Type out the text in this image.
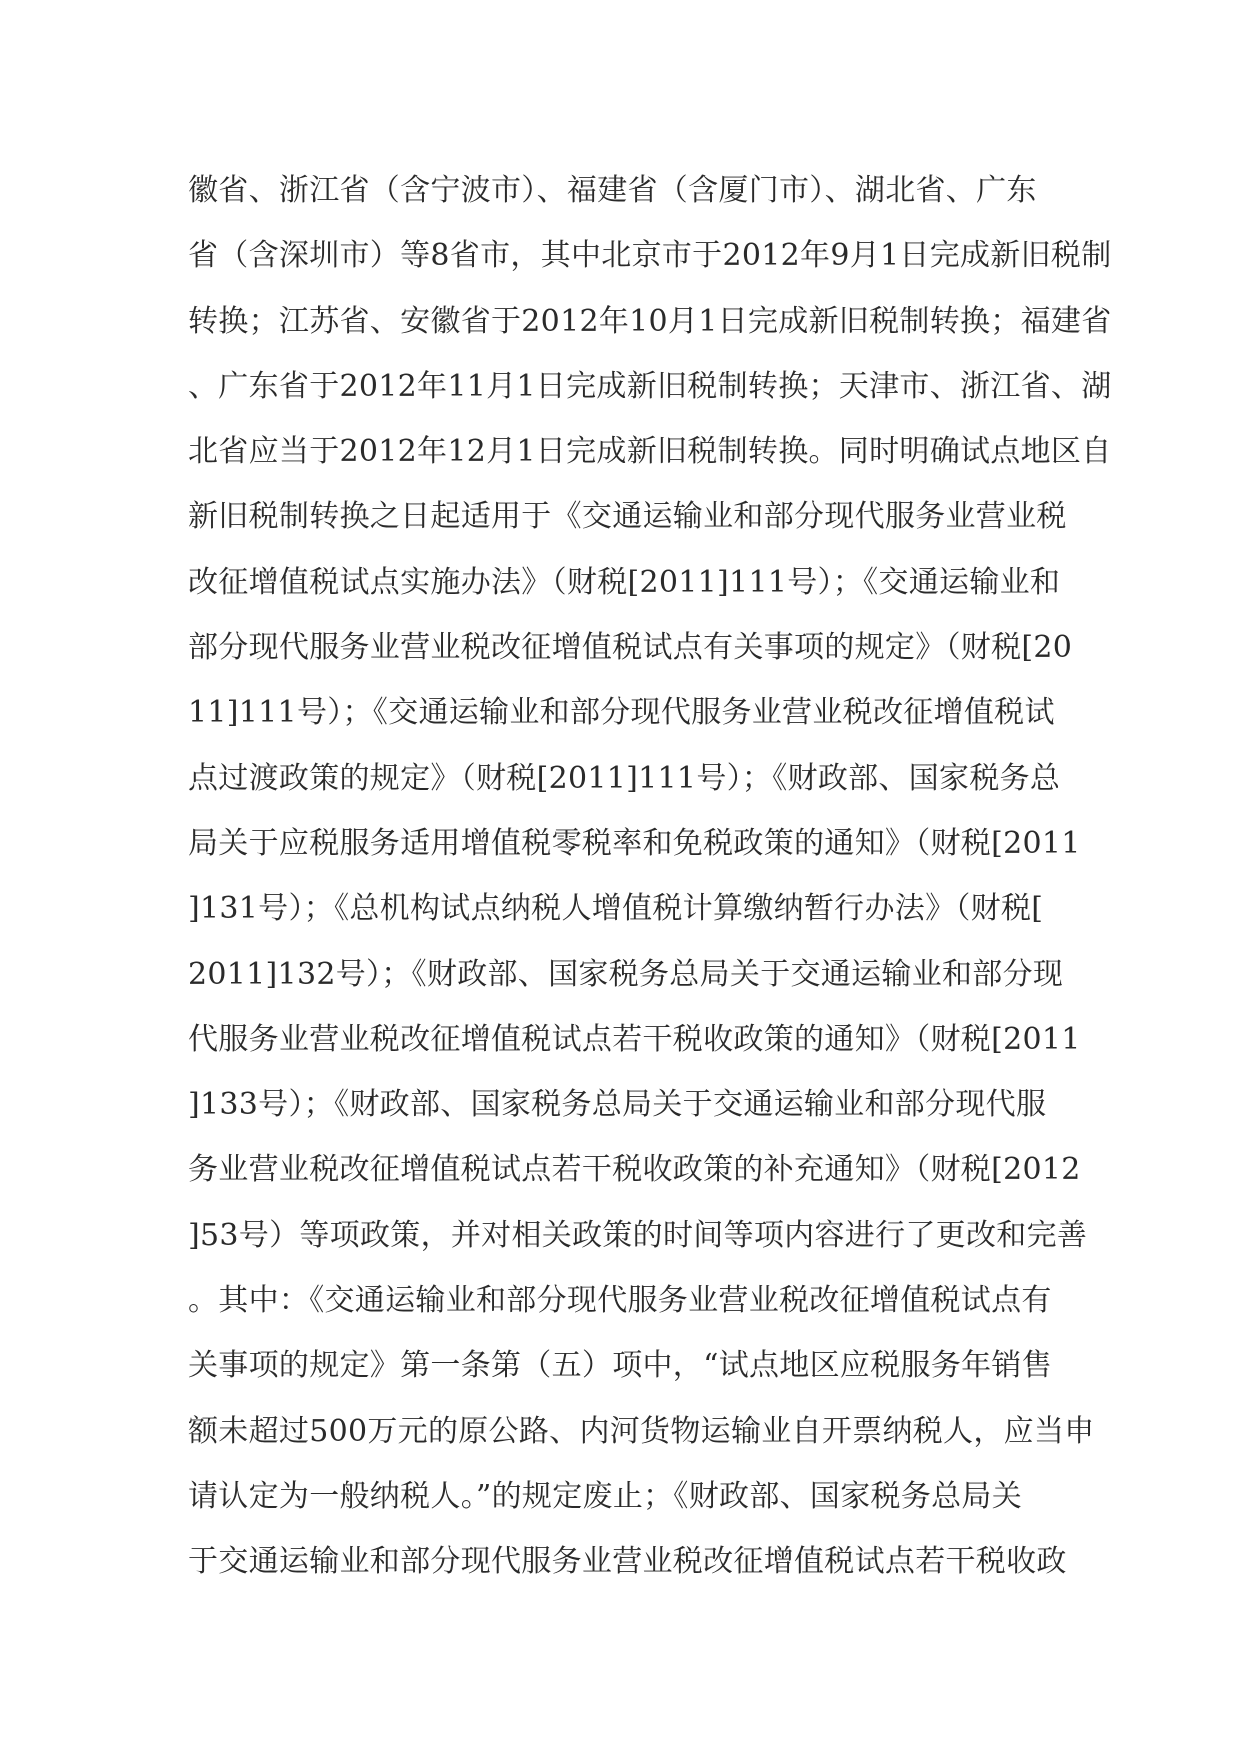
徽省、浙江省（含宁波市）、福建省（含厦门市）、湖北省、广东
省（含深圳市）等8省市，其中北京市于2012年9月1日完成新旧税制
转换；江苏省、安徽省于2012年10月1日完成新旧税制转换；福建省
、广东省于2012年11月1日完成新旧税制转换；天津市、浙江省、湖
北省应当于2012年12月1日完成新旧税制转换。同时明确试点地区自
新旧税制转换之日起适用于《交通运输业和部分现代服务业营业税
改征增值税试点实施办法》（财税[2011]111号）；《交通运输业和
部分现代服务业营业税改征增值税试点有关事项的规定》（财税[20
11]111号）；《交通运输业和部分现代服务业营业税改征增值税试
点过渡政策的规定》（财税[2011]111号）；《财政部、国家税务总
局关于应税服务适用增值税零税率和免税政策的通知》（财税[2011
]131号）；《总机构试点纳税人增值税计算缴纳暂行办法》（财税[
2011]132号）；《财政部、国家税务总局关于交通运输业和部分现
代服务业营业税改征增值税试点若干税收政策的通知》（财税[2011
]133号）；《财政部、国家税务总局关于交通运输业和部分现代服
务业营业税改征增值税试点若干税收政策的补充通知》（财税[2012
]53号）等项政策，并对相关政策的时间等项内容进行了更改和完善
。其中：《交通运输业和部分现代服务业营业税改征增值税试点有
关事项的规定》第一条第（五）项中，“试点地区应税服务年销售
额未超过500万元的原公路、内河货物运输业自开票纳税人，应当申
请认定为一般纳税人。”的规定废止；《财政部、国家税务总局关
于交通运输业和部分现代服务业营业税改征增值税试点若干税收政
